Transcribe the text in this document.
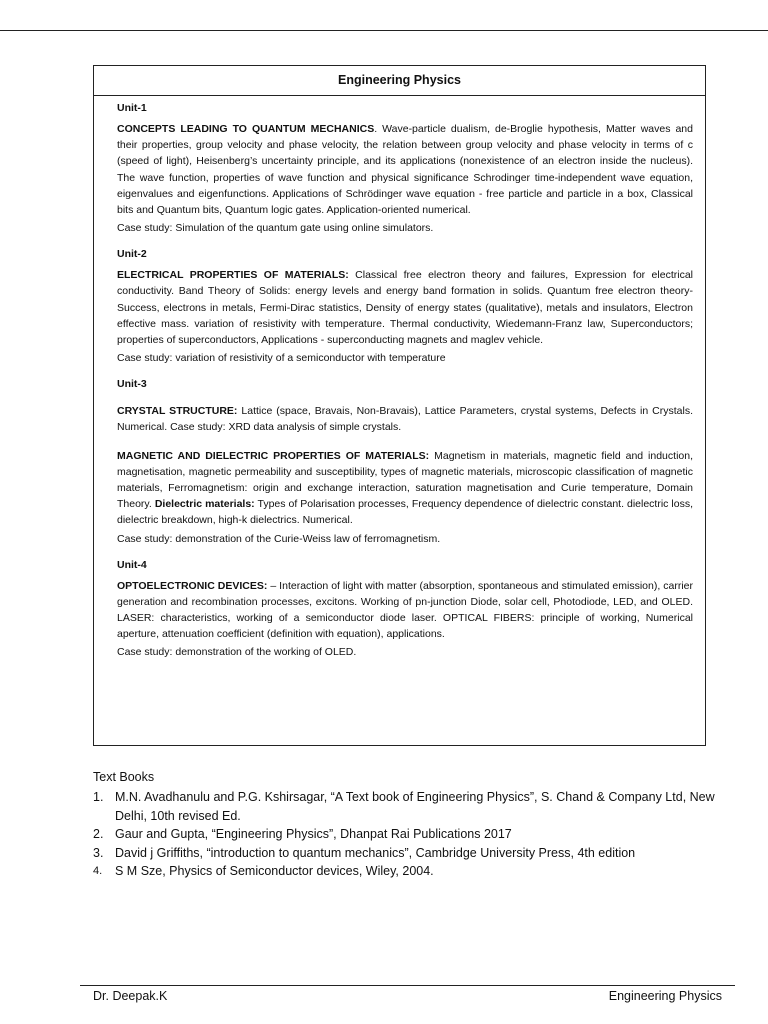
Engineering Physics
Unit-1

CONCEPTS LEADING TO QUANTUM MECHANICS. Wave-particle dualism, de-Broglie hypothesis, Matter waves and their properties, group velocity and phase velocity, the relation between group velocity and phase velocity in terms of c (speed of light), Heisenberg’s uncertainty principle, and its applications (nonexistence of an electron inside the nucleus). The wave function, properties of wave function and physical significance Schrodinger time-independent wave equation, eigenvalues and eigenfunctions. Applications of Schrödinger wave equation - free particle and particle in a box, Classical bits and Quantum bits, Quantum logic gates. Application-oriented numerical.

Case study: Simulation of the quantum gate using online simulators.

Unit-2

ELECTRICAL PROPERTIES OF MATERIALS: Classical free electron theory and failures, Expression for electrical conductivity. Band Theory of Solids: energy levels and energy band formation in solids. Quantum free electron theory-Success, electrons in metals, Fermi-Dirac statistics, Density of energy states (qualitative), metals and insulators, Electron effective mass. variation of resistivity with temperature. Thermal conductivity, Wiedemann-Franz law, Superconductors; properties of superconductors, Applications - superconducting magnets and maglev vehicle.

Case study: variation of resistivity of a semiconductor with temperature

Unit-3

CRYSTAL STRUCTURE: Lattice (space, Bravais, Non-Bravais), Lattice Parameters, crystal systems, Defects in Crystals. Numerical. Case study: XRD data analysis of simple crystals.

MAGNETIC AND DIELECTRIC PROPERTIES OF MATERIALS: Magnetism in materials, magnetic field and induction, magnetisation, magnetic permeability and susceptibility, types of magnetic materials, microscopic classification of magnetic materials, Ferromagnetism: origin and exchange interaction, saturation magnetisation and Curie temperature, Domain Theory. Dielectric materials: Types of Polarisation processes, Frequency dependence of dielectric constant. dielectric loss, dielectric breakdown, high-k dielectrics. Numerical.

Case study: demonstration of the Curie-Weiss law of ferromagnetism.

Unit-4

OPTOELECTRONIC DEVICES: – Interaction of light with matter (absorption, spontaneous and stimulated emission), carrier generation and recombination processes, excitons. Working of pn-junction Diode, solar cell, Photodiode, LED, and OLED. LASER: characteristics, working of a semiconductor diode laser. OPTICAL FIBERS: principle of working, Numerical aperture, attenuation coefficient (definition with equation), applications.

Case study: demonstration of the working of OLED.

Text Books
1. M.N. Avadhanulu and P.G. Kshirsagar, “A Text book of Engineering Physics”, S. Chand & Company Ltd, New Delhi, 10th revised Ed.
2. Gaur and Gupta, “Engineering Physics”, Dhanpat Rai Publications 2017
3. David j Griffiths, “introduction to quantum mechanics”, Cambridge University Press, 4th edition
4.	S M Sze, Physics of Semiconductor devices, Wiley, 2004.
Dr. Deepak.K	Engineering Physics
